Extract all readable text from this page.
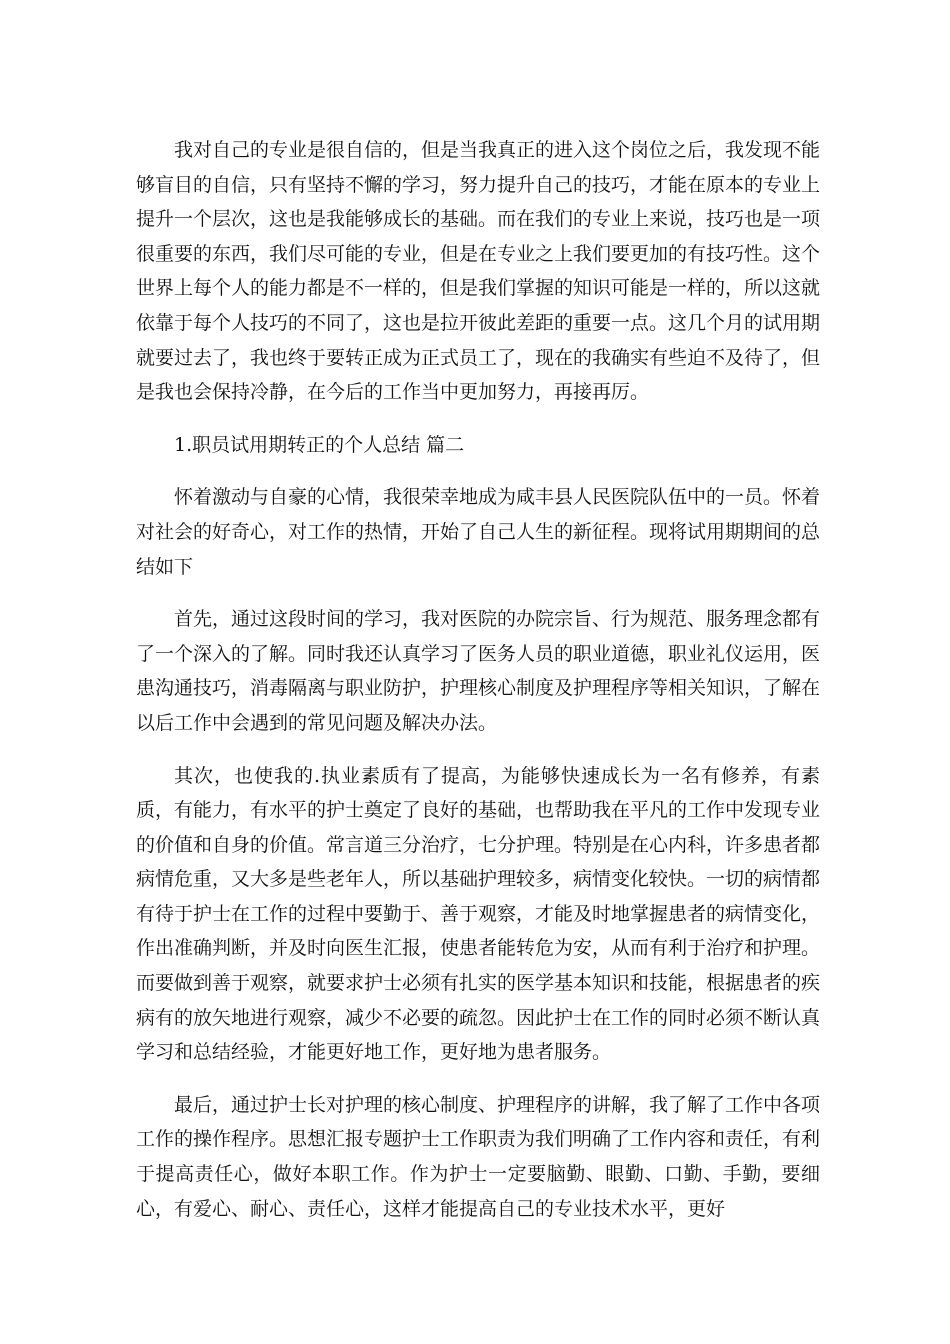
我对自己的专业是很自信的，但是当我真正的进入这个岗位之后，我发现不能够盲目的自信，只有坚持不懈的学习，努力提升自己的技巧，才能在原本的专业上提升一个层次，这也是我能够成长的基础。而在我们的专业上来说，技巧也是一项很重要的东西，我们尽可能的专业，但是在专业之上我们要更加的有技巧性。这个世界上每个人的能力都是不一样的，但是我们掌握的知识可能是一样的，所以这就依靠于每个人技巧的不同了，这也是拉开彼此差距的重要一点。这几个月的试用期就要过去了，我也终于要转正成为正式员工了，现在的我确实有些迫不及待了，但是我也会保持冷静，在今后的工作当中更加努力，再接再厉。

1.职员试用期转正的个人总结 篇二

怀着激动与自豪的心情，我很荣幸地成为咸丰县人民医院队伍中的一员。怀着对社会的好奇心，对工作的热情，开始了自己人生的新征程。现将试用期期间的总结如下

首先，通过这段时间的学习，我对医院的办院宗旨、行为规范、服务理念都有了一个深入的了解。同时我还认真学习了医务人员的职业道德，职业礼仪运用，医患沟通技巧，消毒隔离与职业防护，护理核心制度及护理程序等相关知识，了解在以后工作中会遇到的常见问题及解决办法。

其次，也使我的.执业素质有了提高，为能够快速成长为一名有修养，有素质，有能力，有水平的护士奠定了良好的基础，也帮助我在平凡的工作中发现专业的价值和自身的价值。常言道三分治疗，七分护理。特别是在心内科，许多患者都病情危重，又大多是些老年人，所以基础护理较多，病情变化较快。一切的病情都有待于护士在工作的过程中要勤于、善于观察，才能及时地掌握患者的病情变化，作出准确判断，并及时向医生汇报，使患者能转危为安，从而有利于治疗和护理。而要做到善于观察，就要求护士必须有扎实的医学基本知识和技能，根据患者的疾病有的放矢地进行观察，减少不必要的疏忽。因此护士在工作的同时必须不断认真学习和总结经验，才能更好地工作，更好地为患者服务。

最后，通过护士长对护理的核心制度、护理程序的讲解，我了解了工作中各项工作的操作程序。思想汇报专题护士工作职责为我们明确了工作内容和责任，有利于提高责任心，做好本职工作。作为护士一定要脑勤、眼勤、口勤、手勤，要细心，有爱心、耐心、责任心，这样才能提高自己的专业技术水平，更好
